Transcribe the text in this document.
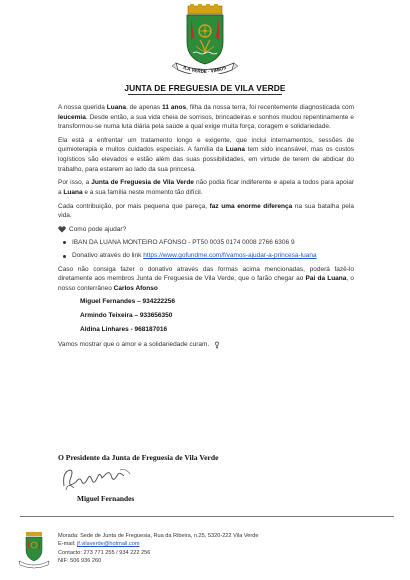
ILA VERDE · VIMIOS
JUNTA DE FREGUESIA DE VILA VERDE

A nossa querida Luana, de apenas 11 anos, filha da nossa terra, foi recentemente diagnosticada com leucemia. Desde então, a sua vida cheia de sorrisos, brincadeiras e sonhos mudou repentinamente e transformou-se numa luta diária pela saúde a qual exige muita força, coragem e solidariedade.

Ela está a enfrentar um tratamento longo e exigente, que inclui internamentos, sessões de quimioterapia e muitos cuidados especiais. A família da Luana tem sido incansável, mas os custos logísticos são elevados e estão além das suas possibilidades, em virtude de terem de abdicar do trabalho, para estarem ao lado da sua princesa.

Por isso, a Junta de Freguesia de Vila Verde não podia ficar indiferente e apela a todos para apoiar a Luana e a sua família neste momento tão difícil.

Cada contribuição, por mais pequena que pareça, faz uma enorme diferença na sua batalha pela vida.

Como pode ajudar?
IBAN DA LUANA MONTEIRO AFONSO - PT50 0035 0174 0008 2766 6306 9
Donativo através do link https://www.gofundme.com/f/vamos-ajudar-a-princesa-luana

Caso não consiga fazer o donativo através das formas acima mencionadas, poderá fazê-lo diretamente aos membros Junta de Freguesia de Vila Verde, que o farão chegar ao Pai da Luana, o nosso conterrâneo Carlos Afonso

Miguel Fernandes – 934222256
Armindo Teixeira – 933656350
Aldina Linhares - 968187016
Vamos mostrar que o amor e a solidariedade curam.
O Presidente da Junta de Freguesia de Vila Verde
Miguel Fernandes
Morada: Sede de Junta de Freguesia, Rua da Ribeira, n.25, 5320-222 Vila Verde
E-mail: jf.vilaverde@hotmail.com
Contacto: 273 771 255 / 934 222 256
NIF: 506 936 260
